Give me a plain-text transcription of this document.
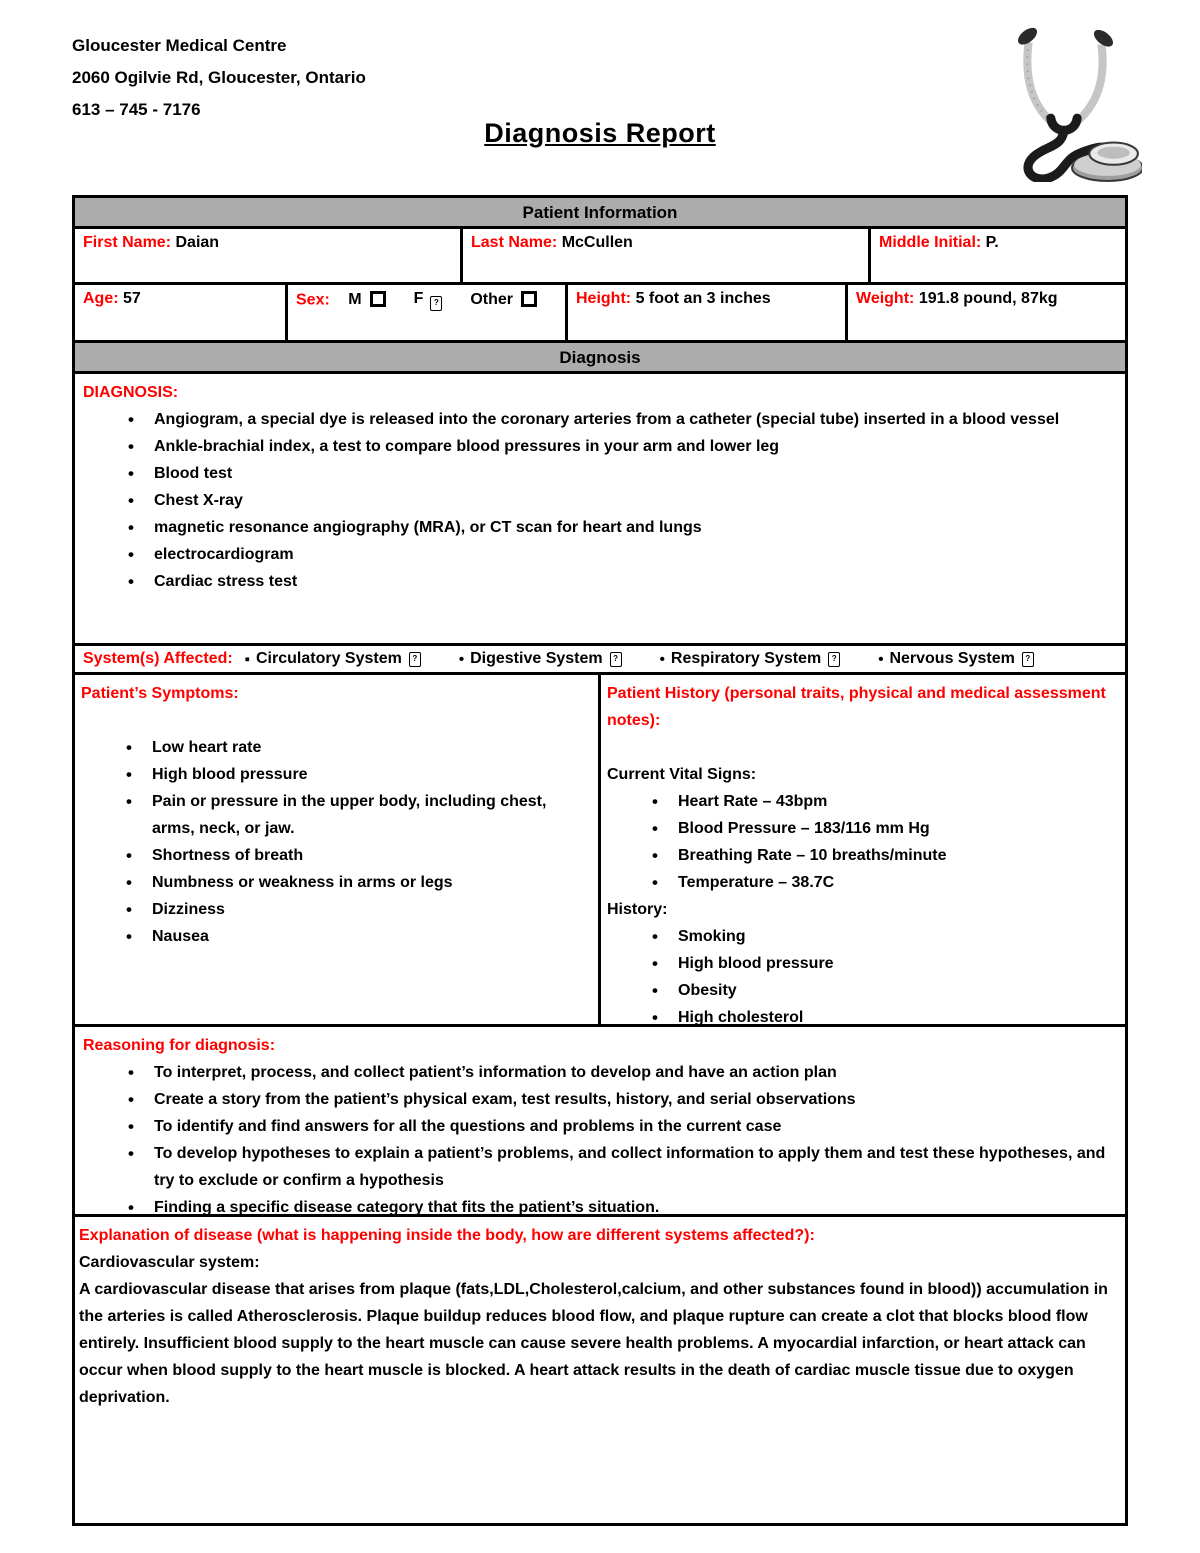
Gloucester Medical Centre
2060 Ogilvie Rd, Gloucester, Ontario
613 – 745 - 7176
Diagnosis Report
Patient Information
First Name: Daian	Last Name: McCullen	Middle Initial: P.
Age: 57	Sex: M	F ? Other	Height: 5 foot an 3 inches	Weight: 191.8 pound, 87kg
Diagnosis
DIAGNOSIS:
• Angiogram, a special dye is released into the coronary arteries from a catheter (special tube) inserted in a blood vessel
• Ankle-brachial index, a test to compare blood pressures in your arm and lower leg
• Blood test
• Chest X-ray
• magnetic resonance angiography (MRA), or CT scan for heart and lungs
• electrocardiogram
• Cardiac stress test
System(s) Affected: ▪ Circulatory System	?	• Digestive System	?	• Respiratory System	?	• Nervous System	?
Patient’s Symptoms:
• Low heart rate
• High blood pressure
• Pain or pressure in the upper body, including chest, arms, neck, or jaw.
• Shortness of breath
• Numbness or weakness in arms or legs
• Dizziness
• Nausea
Patient History (personal traits, physical and medical assessment notes):
Current Vital Signs:
• Heart Rate – 43bpm
• Blood Pressure – 183/116 mm Hg
• Breathing Rate – 10 breaths/minute
• Temperature – 38.7C
History:
• Smoking
• High blood pressure
• Obesity
• High cholesterol
Reasoning for diagnosis:
• To interpret, process, and collect patient’s information to develop and have an action plan
• Create a story from the patient’s physical exam, test results, history, and serial observations
• To identify and find answers for all the questions and problems in the current case
• To develop hypotheses to explain a patient’s problems, and collect information to apply them and test these hypotheses, and try to exclude or confirm a hypothesis
• Finding a specific disease category that fits the patient’s situation.
Explanation of disease (what is happening inside the body, how are different systems affected?):
Cardiovascular system:
A cardiovascular disease that arises from plaque (fats,LDL,Cholesterol,calcium, and other substances found in blood)) accumulation in the arteries is called Atherosclerosis. Plaque buildup reduces blood flow, and plaque rupture can create a clot that blocks blood flow entirely. Insufficient blood supply to the heart muscle can cause severe health problems. A myocardial infarction, or heart attack can occur when blood supply to the heart muscle is blocked. A heart attack results in the death of cardiac muscle tissue due to oxygen deprivation.
